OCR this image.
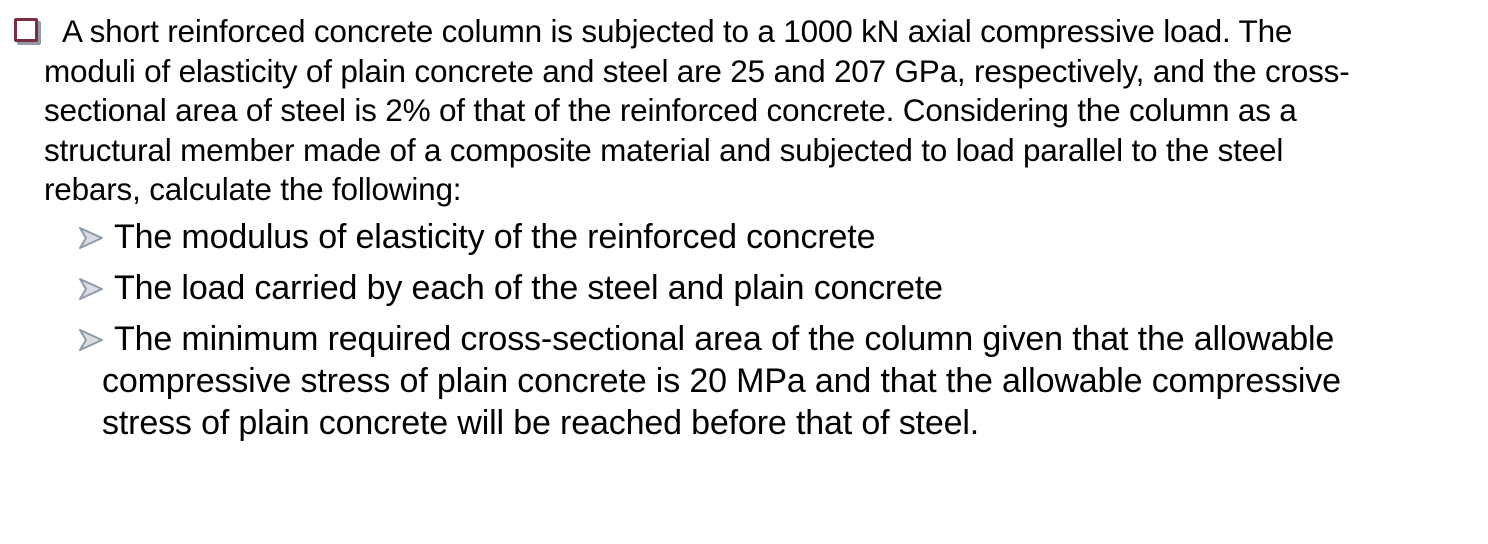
A short reinforced concrete column is subjected to a 1000 kN axial compressive load. The
moduli of elasticity of plain concrete and steel are 25 and 207 GPa, respectively, and the cross-
sectional area of steel is 2% of that of the reinforced concrete. Considering the column as a
structural member made of a composite material and subjected to load parallel to the steel
rebars, calculate the following:
The modulus of elasticity of the reinforced concrete
The load carried by each of the steel and plain concrete
The minimum required cross-sectional area of the column given that the allowable
compressive stress of plain concrete is 20 MPa and that the allowable compressive
stress of plain concrete will be reached before that of steel.
